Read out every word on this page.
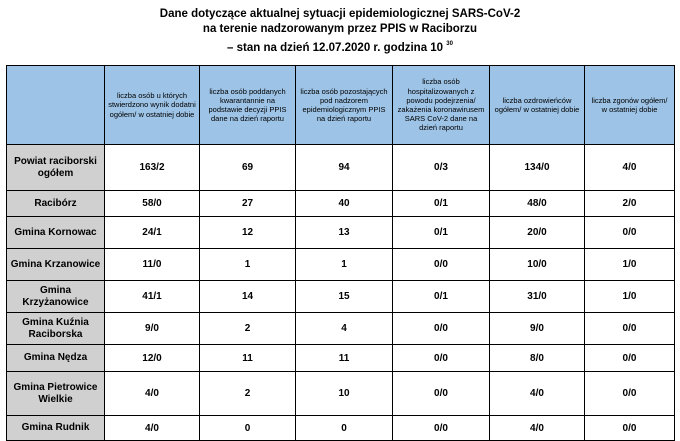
Dane dotyczące aktualnej sytuacji epidemiologicznej SARS-CoV-2
na terenie nadzorowanym przez PPIS w Raciborzu
– stan na dzień 12.07.2020 r. godzina 10 $^{30}$
	liczba osób u których stwierdzono wynik dodatni ogółem/ w ostatniej dobie	liczba osób poddanych kwarantannie na podstawie decyzji PPIS dane na dzień raportu	liczba osób pozostających pod nadzorem epidemiologicznym PPIS na dzień raportu	liczba osób hospitalizowanych z powodu podejrzenia/ zakażenia koronawirusem SARS CoV-2 dane na dzień raportu	liczba ozdrowieńców ogółem/ w ostatniej dobie	liczba zgonów ogółem/ w ostatniej dobie
Powiat raciborski ogółem	163/2	69	94	0/3	134/0	4/0
Racibórz	58/0	27	40	0/1	48/0	2/0
Gmina Kornowac	24/1	12	13	0/1	20/0	0/0
Gmina Krzanowice	11/0	1	1	0/0	10/0	1/0
Gmina Krzyżanowice	41/1	14	15	0/1	31/0	1/0
Gmina Kuźnia Raciborska	9/0	2	4	0/0	9/0	0/0
Gmina Nędza	12/0	11	11	0/0	8/0	0/0
Gmina Pietrowice Wielkie	4/0	2	10	0/0	4/0	0/0
Gmina Rudnik	4/0	0	0	0/0	4/0	0/0
